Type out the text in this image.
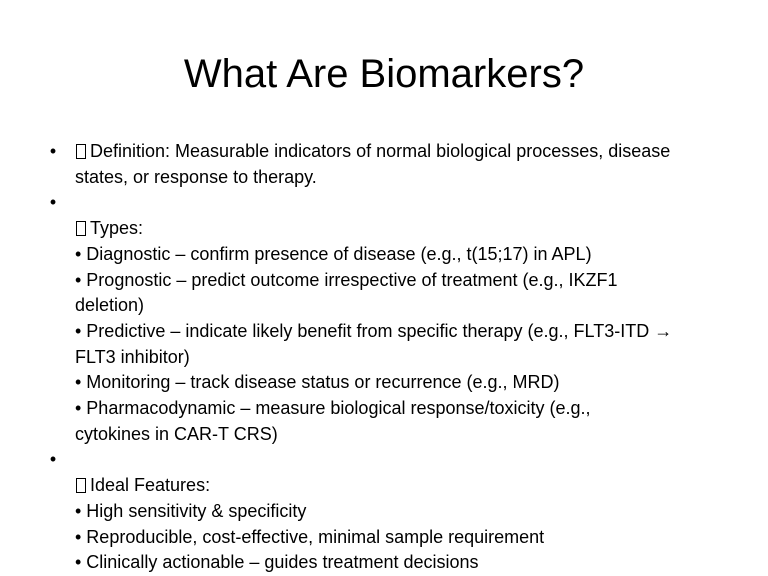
What Are Biomarkers?
•	Definition: Measurable indicators of normal biological processes, disease
states, or response to therapy.
•
Types:
• Diagnostic – confirm presence of disease (e.g., t(15;17) in APL)
• Prognostic – predict outcome irrespective of treatment (e.g., IKZF1
deletion)
• Predictive – indicate likely benefit from specific therapy (e.g., FLT3-ITD →
FLT3 inhibitor)
• Monitoring – track disease status or recurrence (e.g., MRD)
• Pharmacodynamic – measure biological response/toxicity (e.g.,
cytokines in CAR-T CRS)
•
Ideal Features:
• High sensitivity & specificity
• Reproducible, cost-effective, minimal sample requirement
• Clinically actionable – guides treatment decisions
